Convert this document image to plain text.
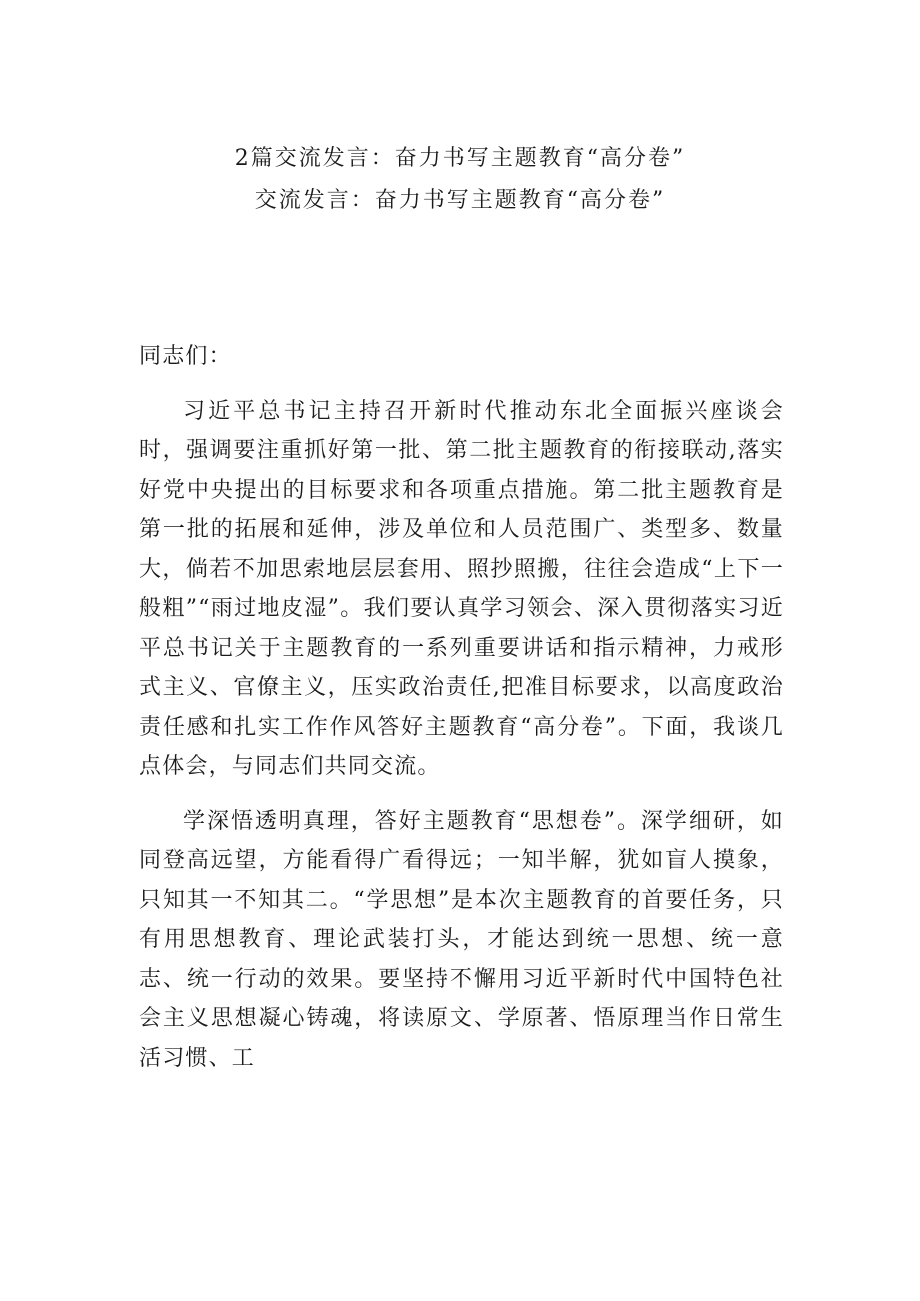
2篇交流发言：奋力书写主题教育“高分卷”
交流发言：奋力书写主题教育“高分卷”

同志们：

习近平总书记主持召开新时代推动东北全面振兴座谈会时，强调要注重抓好第一批、第二批主题教育的衔接联动,落实好党中央提出的目标要求和各项重点措施。第二批主题教育是第一批的拓展和延伸，涉及单位和人员范围广、类型多、数量大，倘若不加思索地层层套用、照抄照搬，往往会造成“上下一般粗”“雨过地皮湿”。我们要认真学习领会、深入贯彻落实习近平总书记关于主题教育的一系列重要讲话和指示精神，力戒形式主义、官僚主义，压实政治责任,把准目标要求，以高度政治责任感和扎实工作作风答好主题教育“高分卷”。下面，我谈几点体会，与同志们共同交流。

学深悟透明真理，答好主题教育“思想卷”。深学细研，如同登高远望，方能看得广看得远；一知半解，犹如盲人摸象，只知其一不知其二。“学思想”是本次主题教育的首要任务，只有用思想教育、理论武装打头，才能达到统一思想、统一意志、统一行动的效果。要坚持不懈用习近平新时代中国特色社会主义思想凝心铸魂，将读原文、学原著、悟原理当作日常生活习惯、工
